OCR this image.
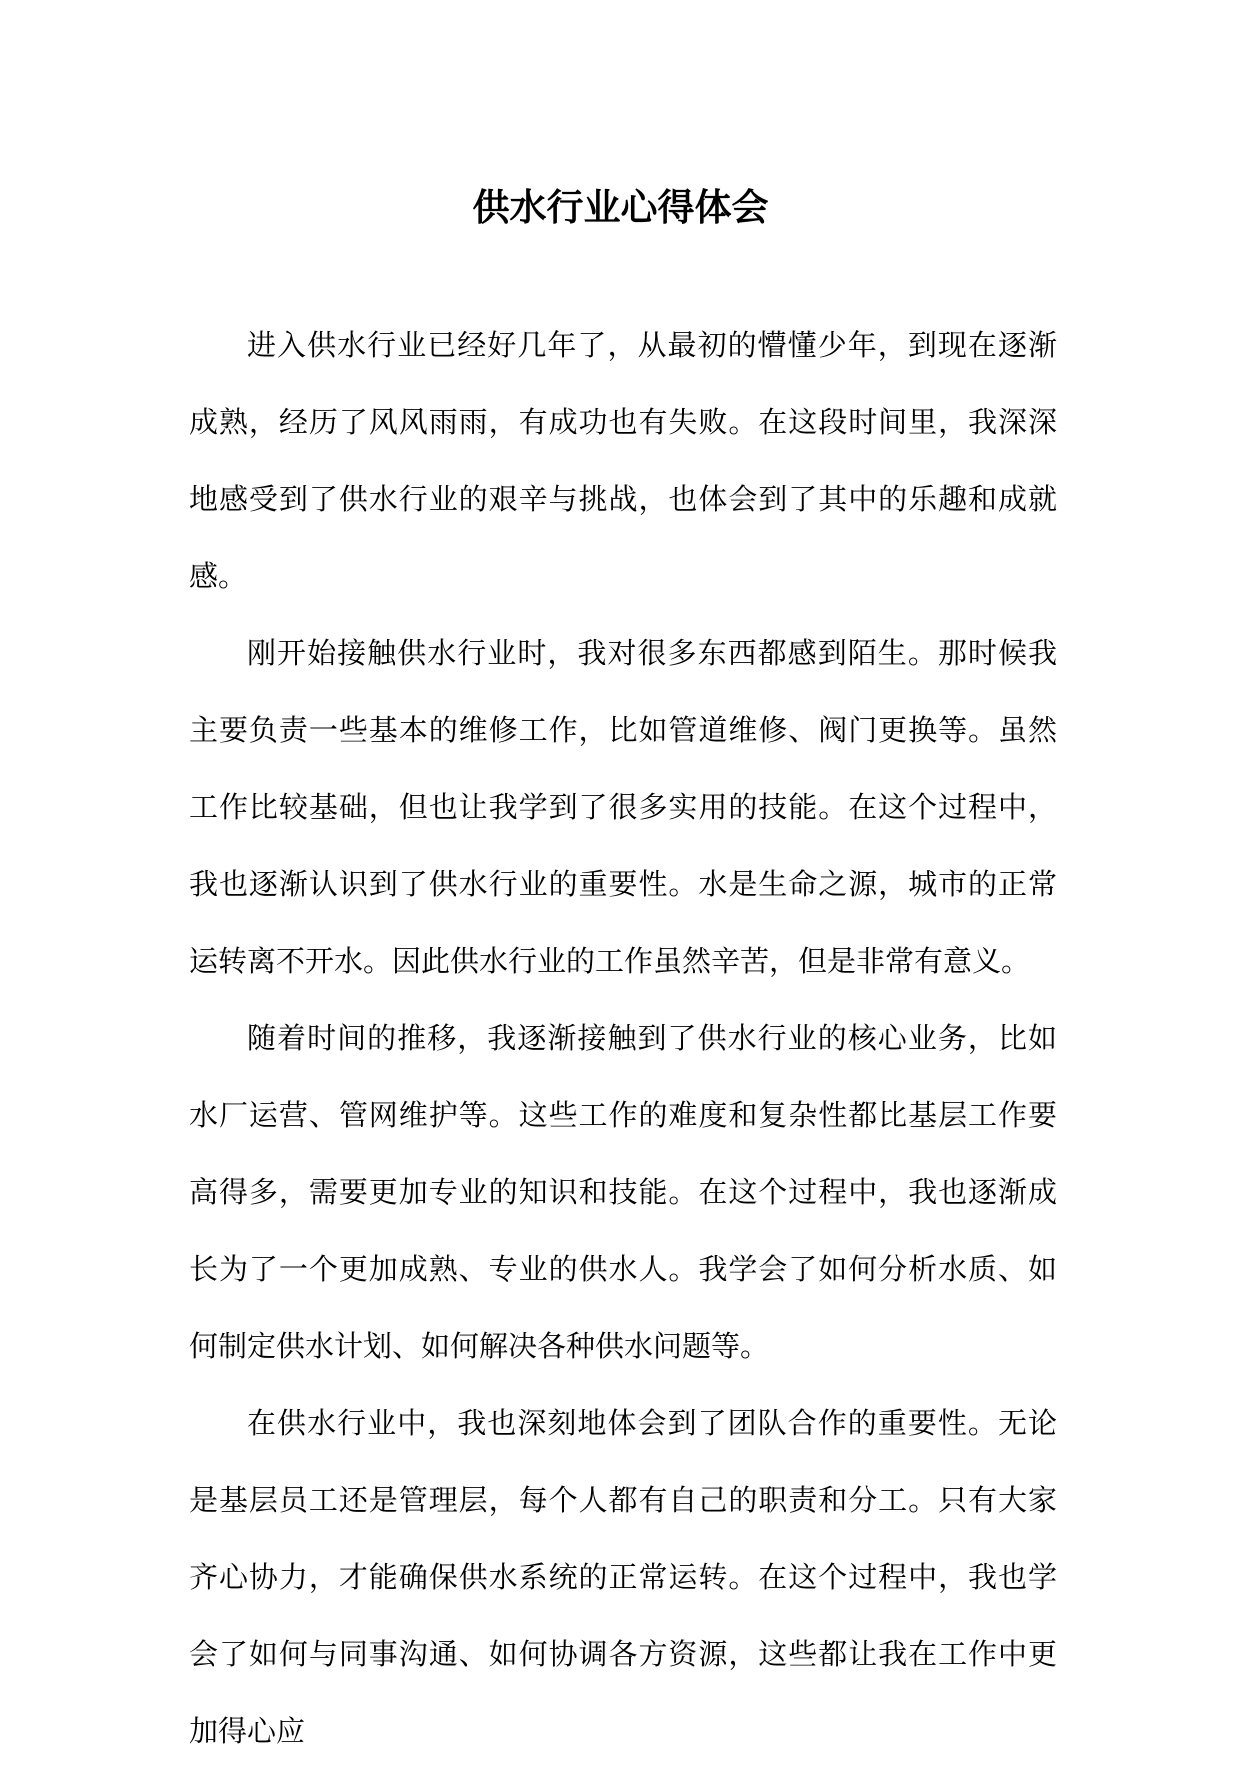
供水行业心得体会

进入供水行业已经好几年了，从最初的懵懂少年，到现在逐渐成熟，经历了风风雨雨，有成功也有失败。在这段时间里，我深深地感受到了供水行业的艰辛与挑战，也体会到了其中的乐趣和成就感。

刚开始接触供水行业时，我对很多东西都感到陌生。那时候我主要负责一些基本的维修工作，比如管道维修、阀门更换等。虽然工作比较基础，但也让我学到了很多实用的技能。在这个过程中，我也逐渐认识到了供水行业的重要性。水是生命之源，城市的正常运转离不开水。因此供水行业的工作虽然辛苦，但是非常有意义。

随着时间的推移，我逐渐接触到了供水行业的核心业务，比如水厂运营、管网维护等。这些工作的难度和复杂性都比基层工作要高得多，需要更加专业的知识和技能。在这个过程中，我也逐渐成长为了一个更加成熟、专业的供水人。我学会了如何分析水质、如何制定供水计划、如何解决各种供水问题等。

在供水行业中，我也深刻地体会到了团队合作的重要性。无论是基层员工还是管理层，每个人都有自己的职责和分工。只有大家齐心协力，才能确保供水系统的正常运转。在这个过程中，我也学会了如何与同事沟通、如何协调各方资源，这些都让我在工作中更加得心应
